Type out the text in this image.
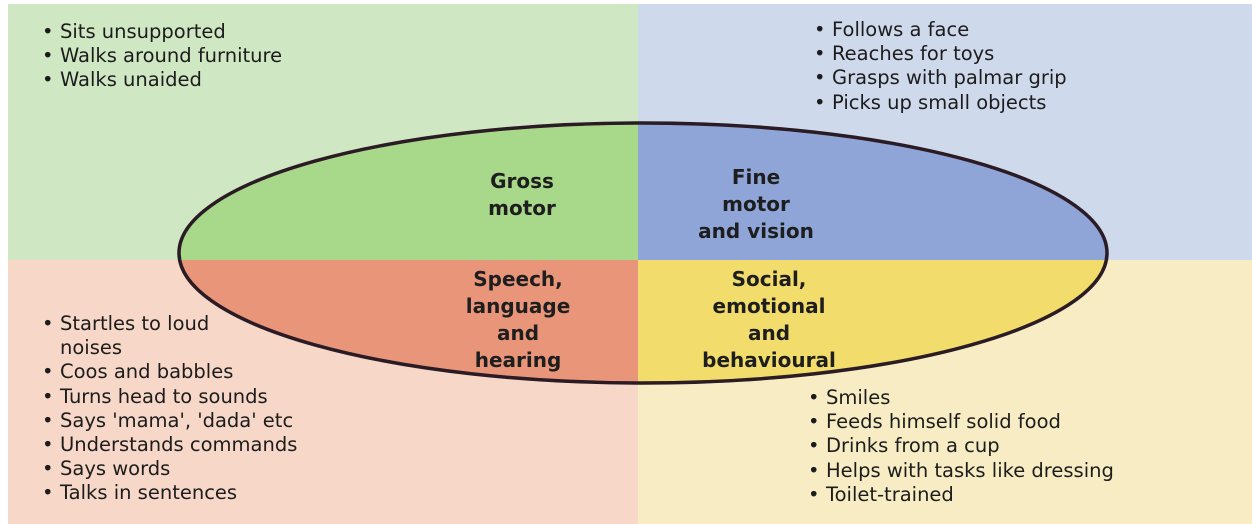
• Sits unsupported
• Walks around furniture
• Walks unaided
• Follows a face
• Reaches for toys
• Grasps with palmar grip
• Picks up small objects
• Startles to loud noises
• Coos and babbles
• Turns head to sounds
• Says 'mama', 'dada' etc
• Understands commands
• Says words
• Talks in sentences
• Smiles
• Feeds himself solid food
• Drinks from a cup
• Helps with tasks like dressing
• Toilet-trained
Gross
motor
Fine
motor
and vision
Speech,
language
and
hearing
Social,
emotional
and
behavioural
